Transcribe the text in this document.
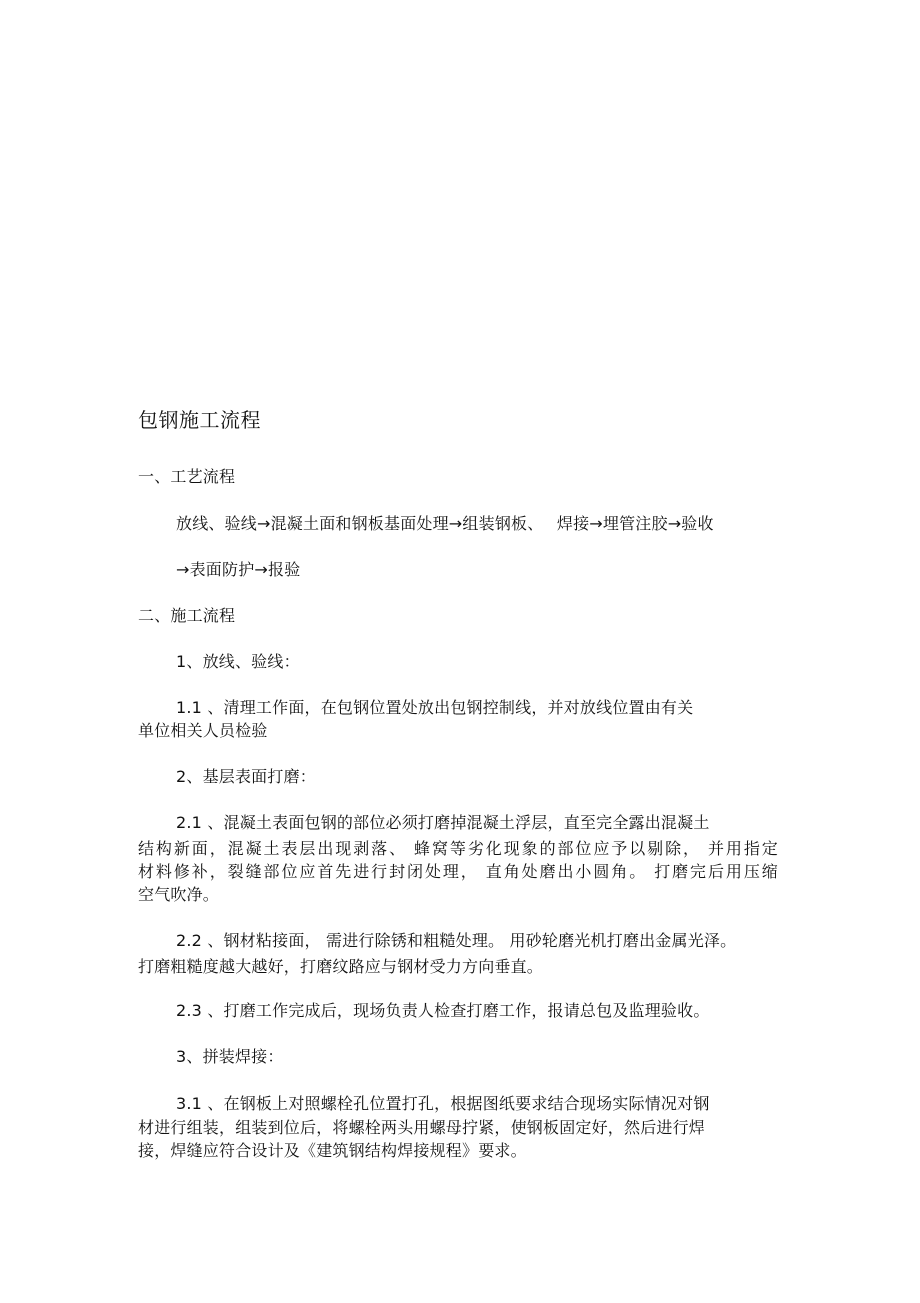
包钢施工流程
一、工艺流程
放线、验线→混凝土面和钢板基面处理→组装钢板、　 焊接→埋管注胶→验收
→表面防护→报验
二、施工流程
1、放线、验线：
1.1 、清理工作面，在包钢位置处放出包钢控制线，并对放线位置由有关
单位相关人员检验
2、基层表面打磨：
2.1 、混凝土表面包钢的部位必须打磨掉混凝土浮层，直至完全露出混凝土
结构新面，混凝土表层出现剥落、 蜂窝等劣化现象的部位应予以剔除， 并用指定
材料修补，裂缝部位应首先进行封闭处理， 直角处磨出小圆角。 打磨完后用压缩
空气吹净。
2.2 、钢材粘接面， 需进行除锈和粗糙处理。 用砂轮磨光机打磨出金属光泽。
打磨粗糙度越大越好，打磨纹路应与钢材受力方向垂直。
2.3 、打磨工作完成后，现场负责人检查打磨工作，报请总包及监理验收。
3、拼装焊接：
3.1 、在钢板上对照螺栓孔位置打孔，根据图纸要求结合现场实际情况对钢
材进行组装，组装到位后，将螺栓两头用螺母拧紧，使钢板固定好，然后进行焊
接，焊缝应符合设计及《建筑钢结构焊接规程》要求。
